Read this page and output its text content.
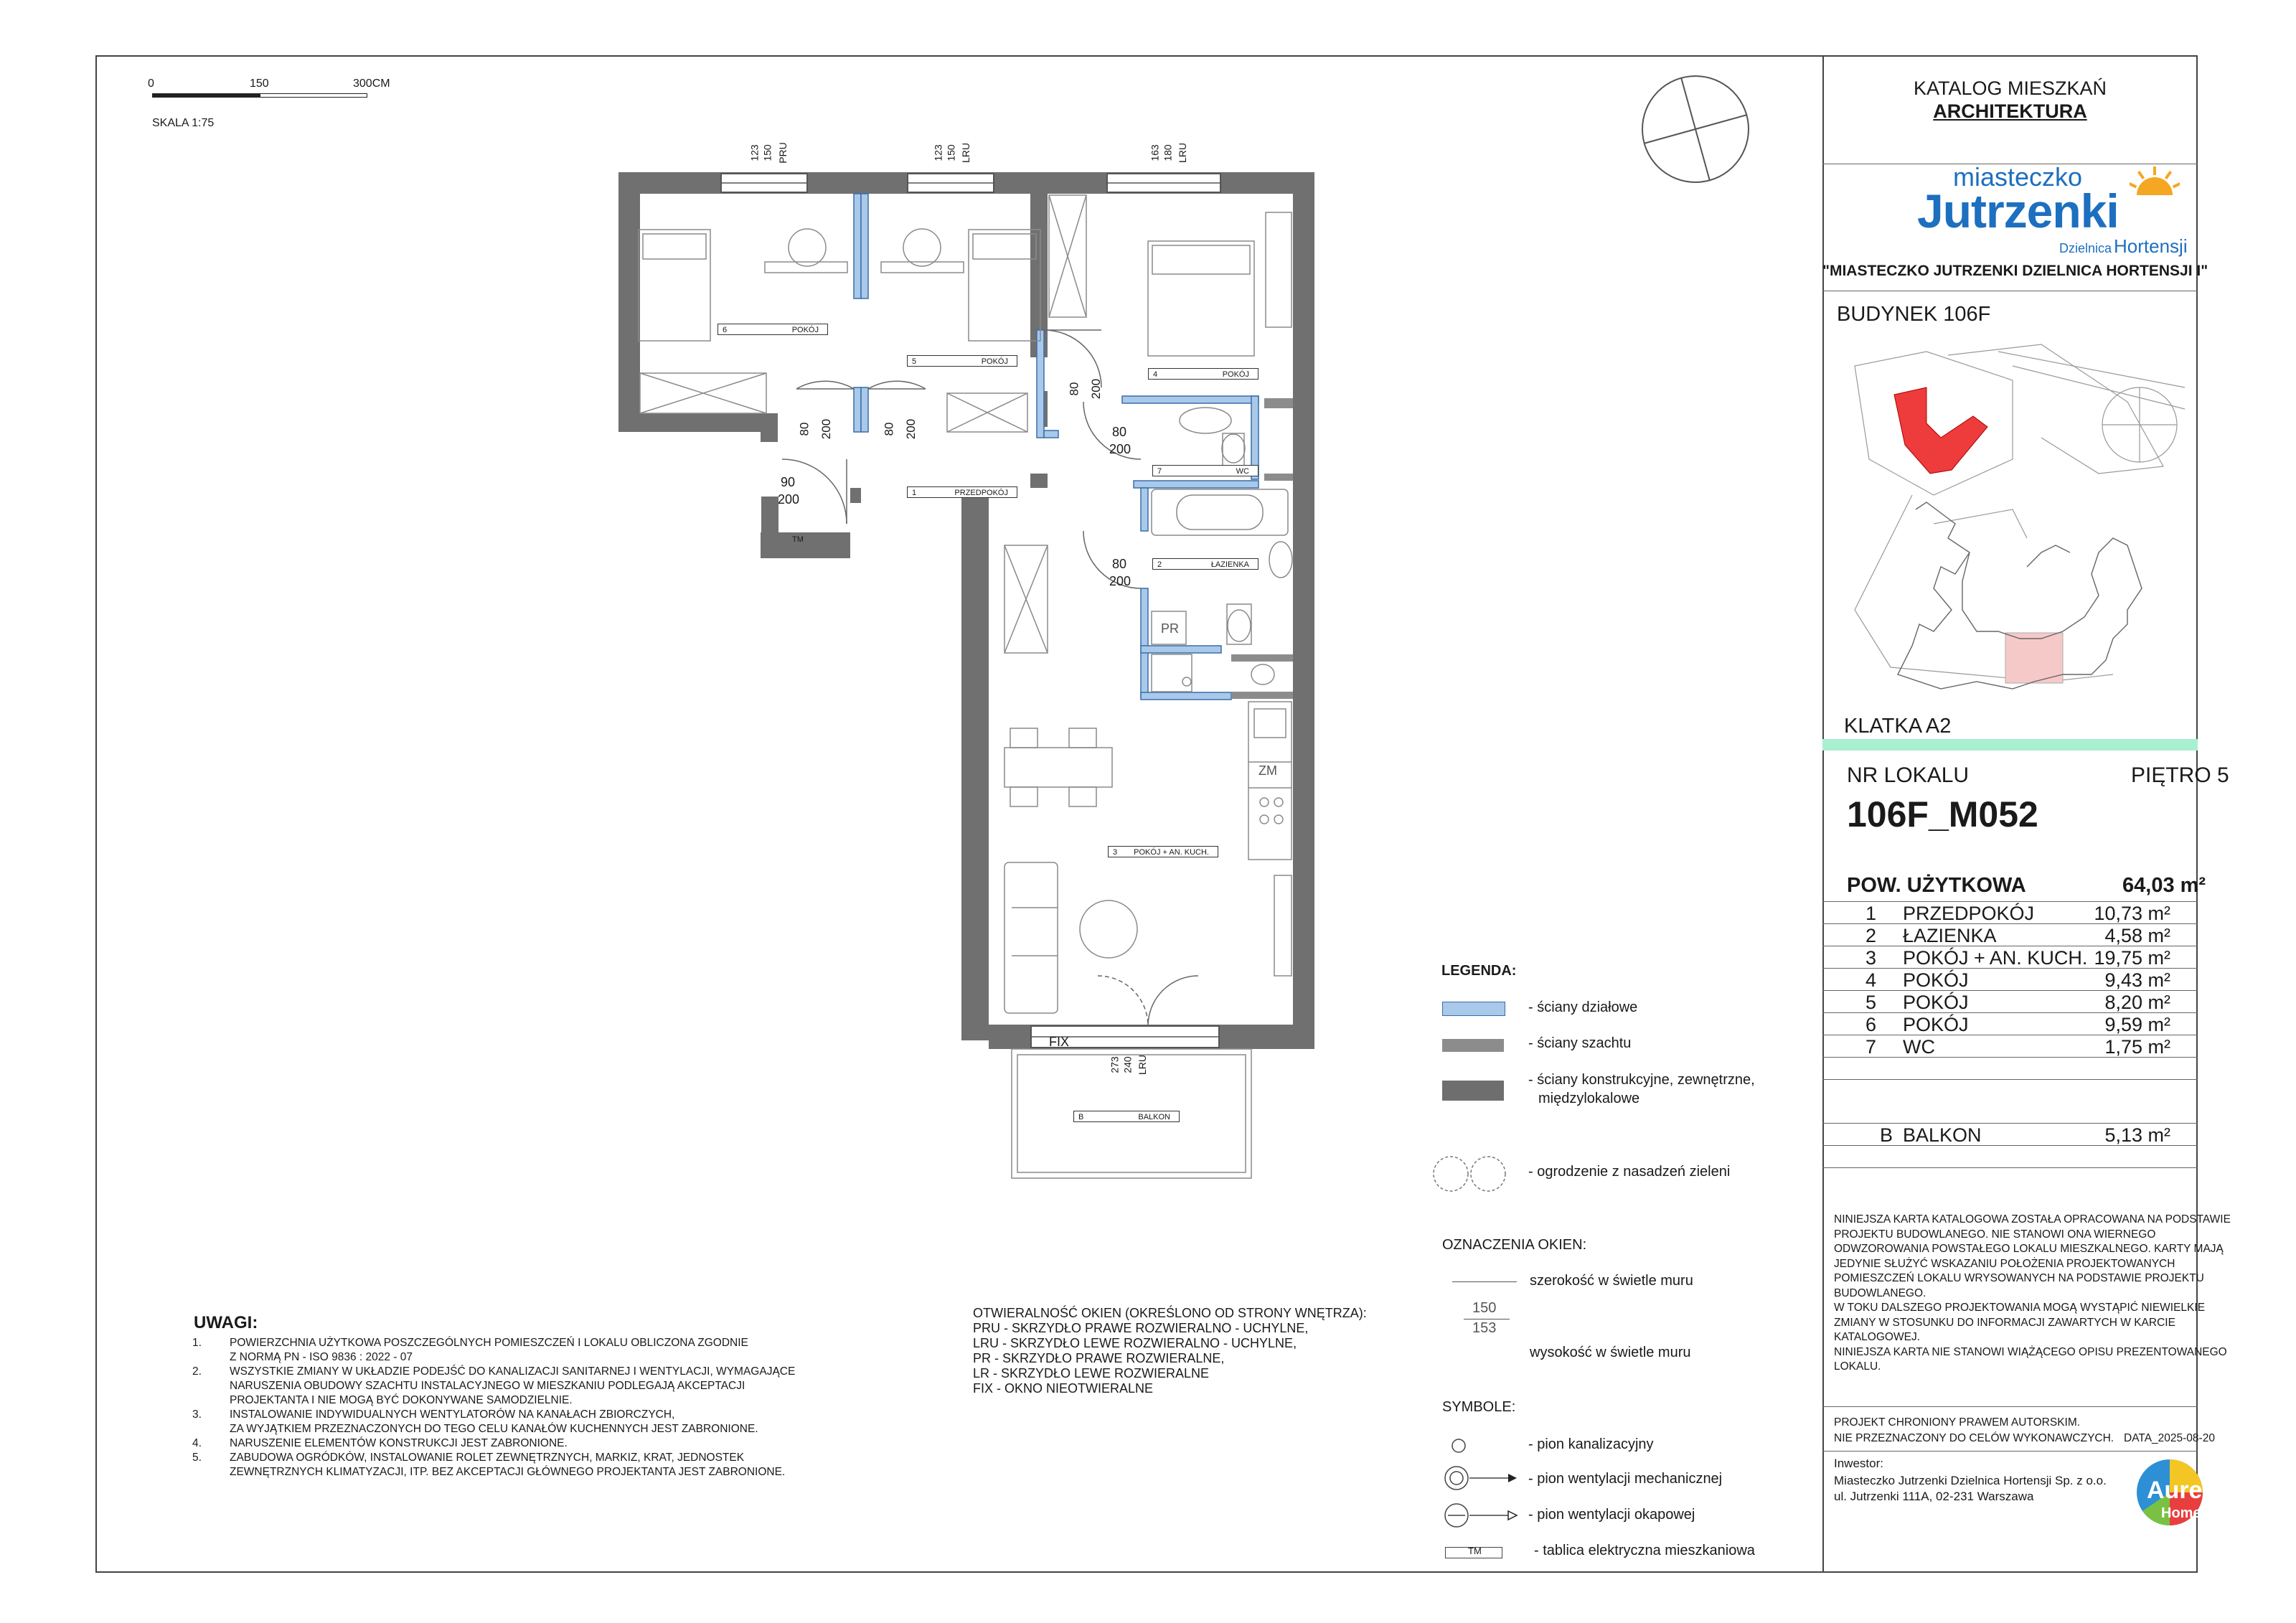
0	150	300CM
SKALA 1:75
123 150 PRU	123 150 LRU	163 180 LRU
273 240 LRU
FIX
80 200	80 200
80 200
80
200
90
200
80
200
6	POKÓJ
5	POKÓJ
4	POKÓJ
7	WC
1	PRZEDPOKÓJ
2	ŁAZIENKA
3 POKÓJ + AN. KUCH.
B	BALKON
PR
ZM
TM
LEGENDA:
- ściany działowe
- ściany szachtu
- ściany konstrukcyjne, zewnętrzne,
międzylokalowe
- ogrodzenie z nasadzeń zieleni
OZNACZENIA OKIEN:
szerokość w świetle muru
150
153
wysokość w świetle muru
SYMBOLE:
- pion kanalizacyjny
- pion wentylacji mechanicznej
- pion wentylacji okapowej
TM	- tablica elektryczna mieszkaniowa
UWAGI:
1.	POWIERZCHNIA UŻYTKOWA POSZCZEGÓLNYCH POMIESZCZEŃ I LOKALU OBLICZONA ZGODNIE
Z NORMĄ PN - ISO 9836 : 2022 - 07
2.	WSZYSTKIE ZMIANY W UKŁADZIE PODEJŚĆ DO KANALIZACJI SANITARNEJ I WENTYLACJI, WYMAGAJĄCE
NARUSZENIA OBUDOWY SZACHTU INSTALACYJNEGO W MIESZKANIU PODLEGAJĄ AKCEPTACJI
PROJEKTANTA I NIE MOGĄ BYĆ DOKONYWANE SAMODZIELNIE.
3.	INSTALOWANIE INDYWIDUALNYCH WENTYLATORÓW NA KANAŁACH ZBIORCZYCH,
ZA WYJĄTKIEM PRZEZNACZONYCH DO TEGO CELU KANAŁÓW KUCHENNYCH JEST ZABRONIONE.
4.	NARUSZENIE ELEMENTÓW KONSTRUKCJI JEST ZABRONIONE.
5.	ZABUDOWA OGRÓDKÓW, INSTALOWANIE ROLET ZEWNĘTRZNYCH, MARKIZ, KRAT, JEDNOSTEK
ZEWNĘTRZNYCH KLIMATYZACJI, ITP. BEZ AKCEPTACJI GŁÓWNEGO PROJEKTANTA JEST ZABRONIONE.
OTWIERALNOŚĆ OKIEN (OKREŚLONO OD STRONY WNĘTRZA):
PRU - SKRZYDŁO PRAWE ROZWIERALNO - UCHYLNE,
LRU - SKRZYDŁO LEWE ROZWIERALNO - UCHYLNE,
PR - SKRZYDŁO PRAWE ROZWIERALNE,
LR - SKRZYDŁO LEWE ROZWIERALNE
FIX - OKNO NIEOTWIERALNE
KATALOG MIESZKAŃ
ARCHITEKTURA
miasteczko
Jutrzenki
Dzielnica Hortensji
"MIASTECZKO JUTRZENKI DZIELNICA HORTENSJI I"
BUDYNEK 106F
KLATKA A2
NR LOKALU	PIĘTRO 5
106F_M052
POW. UŻYTKOWA	64,03 m²
1 PRZEDPOKÓJ	10,73 m²
2 ŁAZIENKA	4,58 m²
3 POKÓJ + AN. KUCH. 19,75 m²
4 POKÓJ	9,43 m²
5 POKÓJ	8,20 m²
6 POKÓJ	9,59 m²
7 WC	1,75 m²
B BALKON	5,13 m²
NINIEJSZA KARTA KATALOGOWA ZOSTAŁA OPRACOWANA NA PODSTAWIE
PROJEKTU BUDOWLANEGO. NIE STANOWI ONA WIERNEGO
ODWZOROWANIA POWSTAŁEGO LOKALU MIESZKALNEGO. KARTY MAJĄ
JEDYNIE SŁUŻYĆ WSKAZANIU POŁOŻENIA PROJEKTOWANYCH
POMIESZCZEŃ LOKALU WRYSOWANYCH NA PODSTAWIE PROJEKTU
BUDOWLANEGO.
W TOKU DALSZEGO PROJEKTOWANIA MOGĄ WYSTĄPIĆ NIEWIELKIE
ZMIANY W STOSUNKU DO INFORMACJI ZAWARTYCH W KARCIE
KATALOGOWEJ.
NINIEJSZA KARTA NIE STANOWI WIĄŻĄCEGO OPISU PREZENTOWANEGO
LOKALU.
PROJEKT CHRONIONY PRAWEM AUTORSKIM.
NIE PRZEZNACZONY DO CELÓW WYKONAWCZYCH. DATA_2025-08-20
Inwestor:
Miasteczko Jutrzenki Dzielnica Hortensji Sp. z o.o.
ul. Jutrzenki 111A, 02-231 Warszawa	Aurec
Home
